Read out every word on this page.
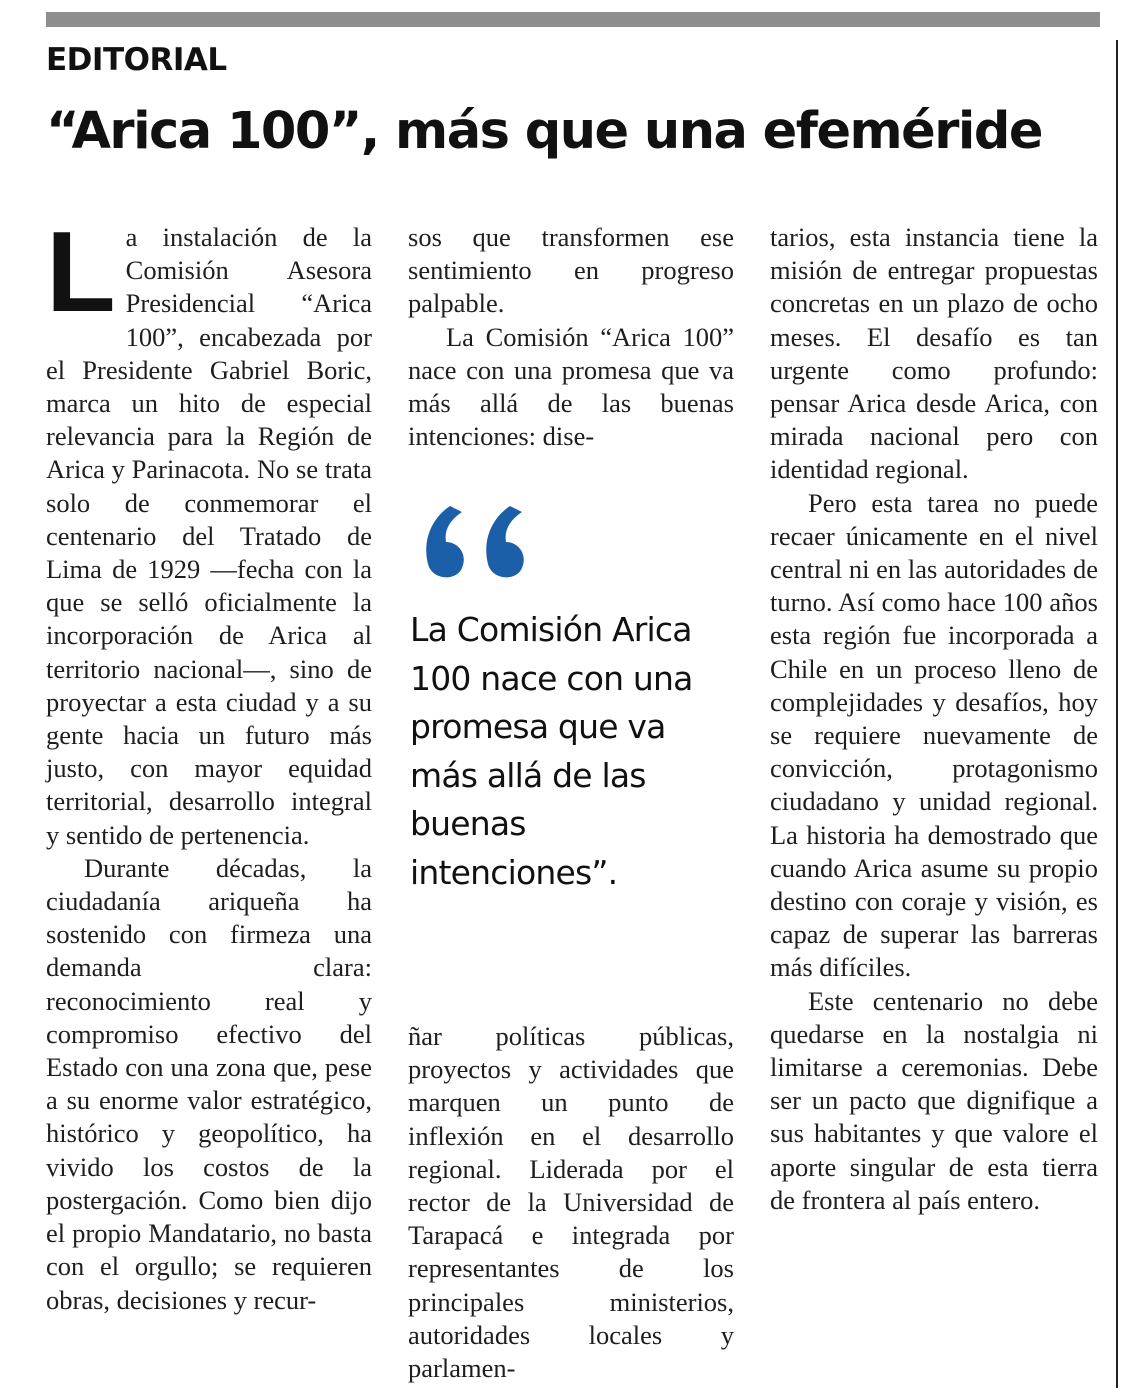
EDITORIAL
“Arica 100”, más que una efeméride

La instalación de la Comisión Asesora Presidencial “Arica 100”, encabezada por el Presidente Gabriel Boric, marca un hito de especial relevancia para la Región de Arica y Parinacota. No se trata solo de conmemorar el centenario del Tratado de Lima de 1929 —fecha con la que se selló oficialmente la incorporación de Arica al territorio nacional—, sino de proyectar a esta ciudad y a su gente hacia un futuro más justo, con mayor equidad territorial, desarrollo integral y sentido de pertenencia.

Durante décadas, la ciudadanía ariqueña ha sostenido con firmeza una demanda clara: reconocimiento real y compromiso efectivo del Estado con una zona que, pese a su enorme valor estratégico, histórico y geopolítico, ha vivido los costos de la postergación. Como bien dijo el propio Mandatario, no basta con el orgullo; se requieren obras, decisiones y recur-

sos que transformen ese sentimiento en progreso palpable.

La Comisión “Arica 100” nace con una promesa que va más allá de las buenas intenciones: dise-

La Comisión Arica 100 nace con una promesa que va más allá de las buenas intenciones”.

ñar políticas públicas, proyectos y actividades que marquen un punto de inflexión en el desarrollo regional. Liderada por el rector de la Universidad de Tarapacá e integrada por representantes de los principales ministerios, autoridades locales y parlamen-

tarios, esta instancia tiene la misión de entregar propuestas concretas en un plazo de ocho meses. El desafío es tan urgente como profundo: pensar Arica desde Arica, con mirada nacional pero con identidad regional.

Pero esta tarea no puede recaer únicamente en el nivel central ni en las autoridades de turno. Así como hace 100 años esta región fue incorporada a Chile en un proceso lleno de complejidades y desafíos, hoy se requiere nuevamente de convicción, protagonismo ciudadano y unidad regional. La historia ha demostrado que cuando Arica asume su propio destino con coraje y visión, es capaz de superar las barreras más difíciles.

Este centenario no debe quedarse en la nostalgia ni limitarse a ceremonias. Debe ser un pacto que dignifique a sus habitantes y que valore el aporte singular de esta tierra de frontera al país entero.
